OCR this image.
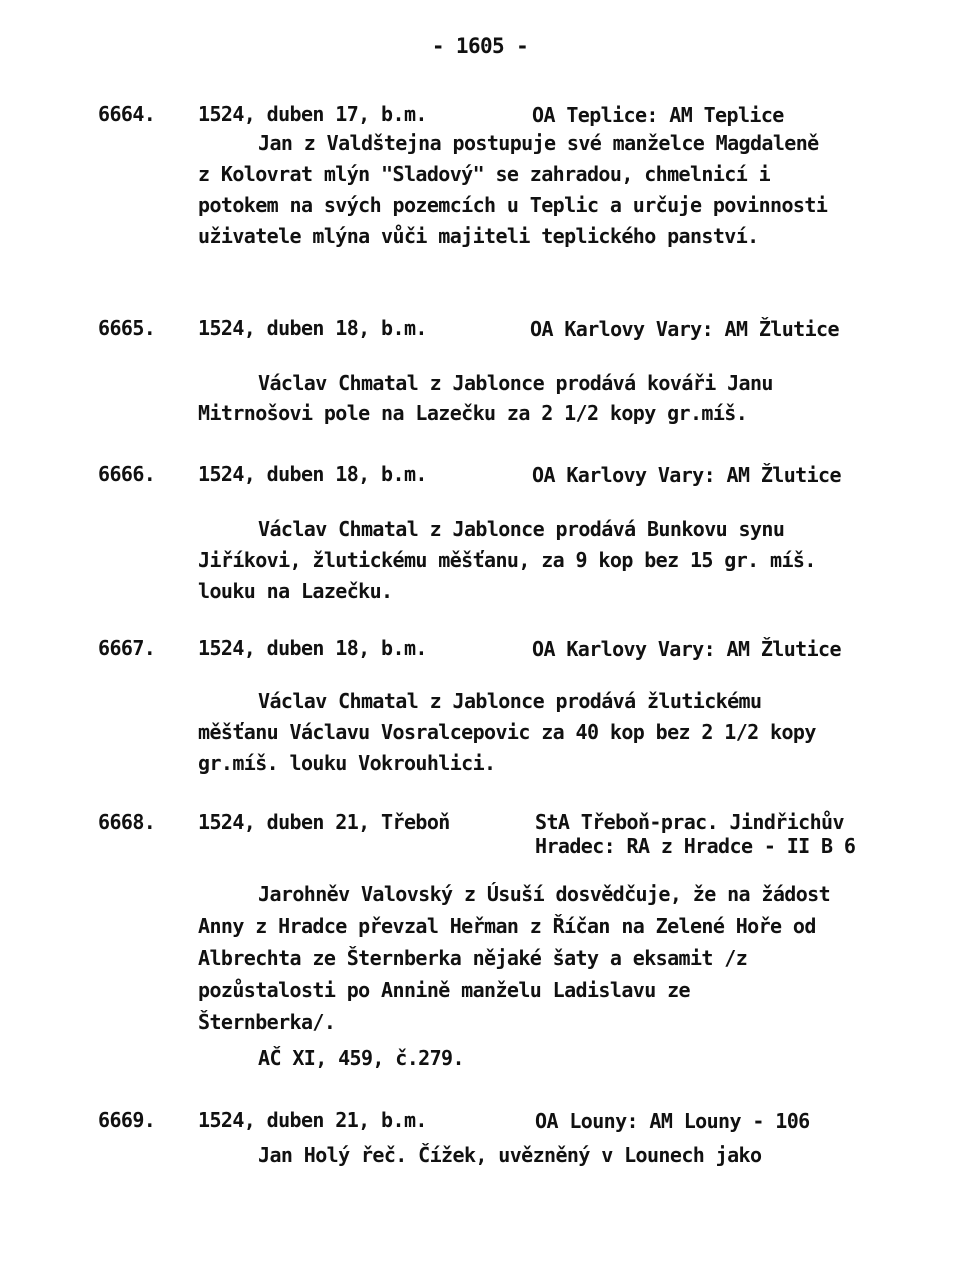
- 1605 -
6664. 1524, duben 17, b.m.	OA Teplice: AM Teplice
Jan z Valdštejna postupuje své manželce Magdaleně z Kolovrat mlýn "Sladový" se zahradou, chmelnicí i potokem na svých pozemcích u Teplic a určuje povinnosti uživatele mlýna vůči majiteli teplického panství.
6665. 1524, duben 18, b.m.	OA Karlovy Vary: AM Žlutice
Václav Chmatal z Jablonce prodává kováři Janu Mitrnošovi pole na Lazečku za 2 1/2 kopy gr.míš.
6666. 1524, duben 18, b.m.	OA Karlovy Vary: AM Žlutice
Václav Chmatal z Jablonce prodává Bunkovu synu Jiříkovi, žlutickému měšťanu, za 9 kop bez 15 gr. míš. louku na Lazečku.
6667. 1524, duben 18, b.m.	OA Karlovy Vary: AM Žlutice
Václav Chmatal z Jablonce prodává žlutickému měšťanu Václavu Vosralcepovic za 40 kop bez 2 1/2 kopy gr.míš. louku Vokrouhlici.
6668. 1524, duben 21, Třeboň	StA Třeboň-prac. Jindřichův Hradec: RA z Hradce - II B 6
Jarohněv Valovský z Úsuší dosvědčuje, že na žádost Anny z Hradce převzal Heřman z Říčan na Zelené Hoře od Albrechta ze Šternberka nějaké šaty a eksamit /z pozůstalosti po Annině manželu Ladislavu ze Šternberka/.
AČ XI, 459, č.279.
6669. 1524, duben 21, b.m.	OA Louny: AM Louny - 106
Jan Holý řeč. Čížek, uvězněný v Lounech jako
